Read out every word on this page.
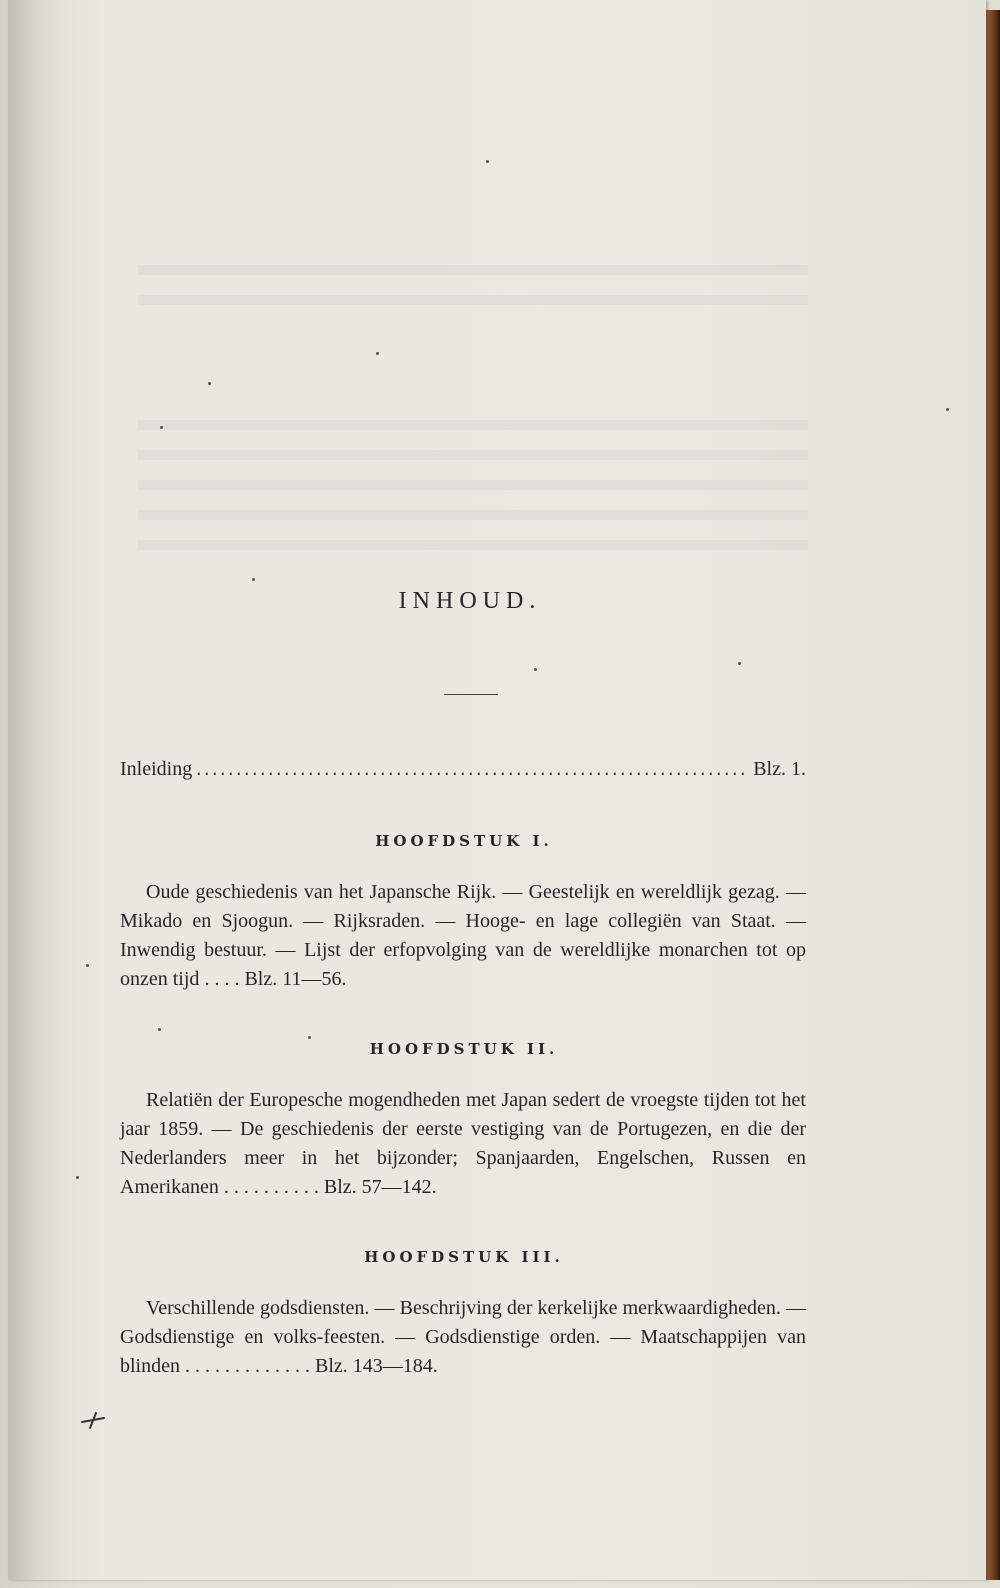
INHOUD.
Inleiding
. . .	Blz. 1.
HOOFDSTUK I.

Oude geschiedenis van het Japansche Rijk. — Geestelijk en wereldlijk gezag. — Mikado en Sjoogun. — Rijksraden. — Hooge- en lage collegiën van Staat. — Inwendig bestuur. — Lijst der erfopvolging van de wereldlijke monarchen tot op onzen tijd . . . . Blz. 11—56.

HOOFDSTUK II.

Relatiën der Europesche mogendheden met Japan sedert de vroegste tijden tot het jaar 1859. — De geschiedenis der eerste vestiging van de Portugezen, en die der Nederlanders meer in het bijzonder; Spanjaarden, Engelschen, Russen en Amerikanen . . . . . . . . . . Blz. 57—142.

HOOFDSTUK III.

Verschillende godsdiensten. — Beschrijving der kerkelijke merkwaardigheden. — Godsdienstige en volks-feesten. — Godsdienstige orden. — Maatschappijen van blinden . . . . . . . . . . . . . Blz. 143—184.
